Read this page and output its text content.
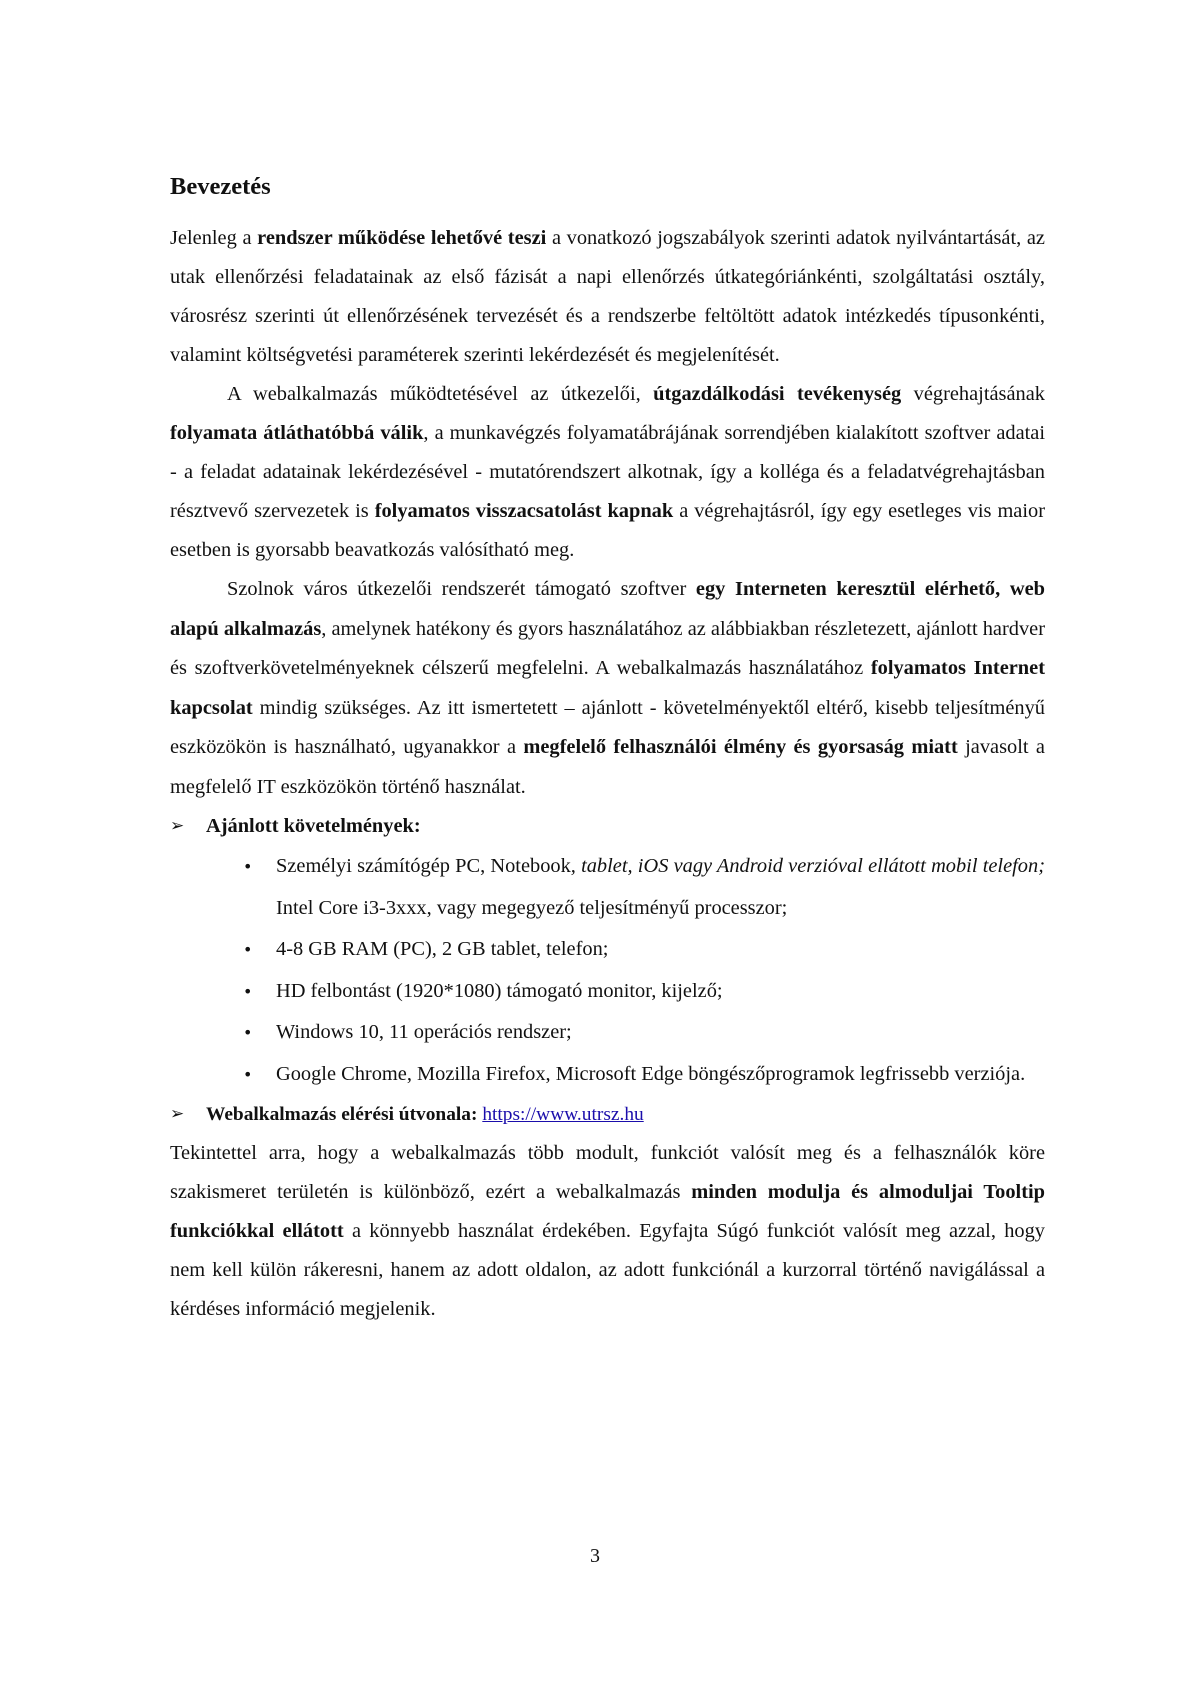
Bevezetés

Jelenleg a rendszer működése lehetővé teszi a vonatkozó jogszabályok szerinti adatok nyilvántartását, az utak ellenőrzési feladatainak az első fázisát a napi ellenőrzés útkategóriánkénti, szolgáltatási osztály, városrész szerinti út ellenőrzésének tervezését és a rendszerbe feltöltött adatok intézkedés típusonkénti, valamint költségvetési paraméterek szerinti lekérdezését és megjelenítését.

A webalkalmazás működtetésével az útkezelői, útgazdálkodási tevékenység végrehajtásának folyamata átláthatóbbá válik, a munkavégzés folyamatábrájának sorrendjében kialakított szoftver adatai - a feladat adatainak lekérdezésével - mutatórendszert alkotnak, így a kolléga és a feladatvégrehajtásban résztvevő szervezetek is folyamatos visszacsatolást kapnak a végrehajtásról, így egy esetleges vis maior esetben is gyorsabb beavatkozás valósítható meg.

Szolnok város útkezelői rendszerét támogató szoftver egy Interneten keresztül elérhető, web alapú alkalmazás, amelynek hatékony és gyors használatához az alábbiakban részletezett, ajánlott hardver és szoftverkövetelményeknek célszerű megfelelni. A webalkalmazás használatához folyamatos Internet kapcsolat mindig szükséges. Az itt ismertetett – ajánlott - követelményektől eltérő, kisebb teljesítményű eszközökön is használható, ugyanakkor a megfelelő felhasználói élmény és gyorsaság miatt javasolt a megfelelő IT eszközökön történő használat.

➢	Ajánlott követelmények:
• Személyi számítógép PC, Notebook, tablet, iOS vagy Android verzióval ellátott mobil telefon; Intel Core i3-3xxx, vagy megegyező teljesítményű processzor;
• 4-8 GB RAM (PC), 2 GB tablet, telefon;
• HD felbontást (1920*1080) támogató monitor, kijelző;
• Windows 10, 11 operációs rendszer;
• Google Chrome, Mozilla Firefox, Microsoft Edge böngészőprogramok legfrissebb verziója.
➢	Webalkalmazás elérési útvonala:
https://www.utrsz.hu

Tekintettel arra, hogy a webalkalmazás több modult, funkciót valósít meg és a felhasználók köre szakismeret területén is különböző, ezért a webalkalmazás minden modulja és almoduljai Tooltip funkciókkal ellátott a könnyebb használat érdekében. Egyfajta Súgó funkciót valósít meg azzal, hogy nem kell külön rákeresni, hanem az adott oldalon, az adott funkciónál a kurzorral történő navigálással a kérdéses információ megjelenik.

3
